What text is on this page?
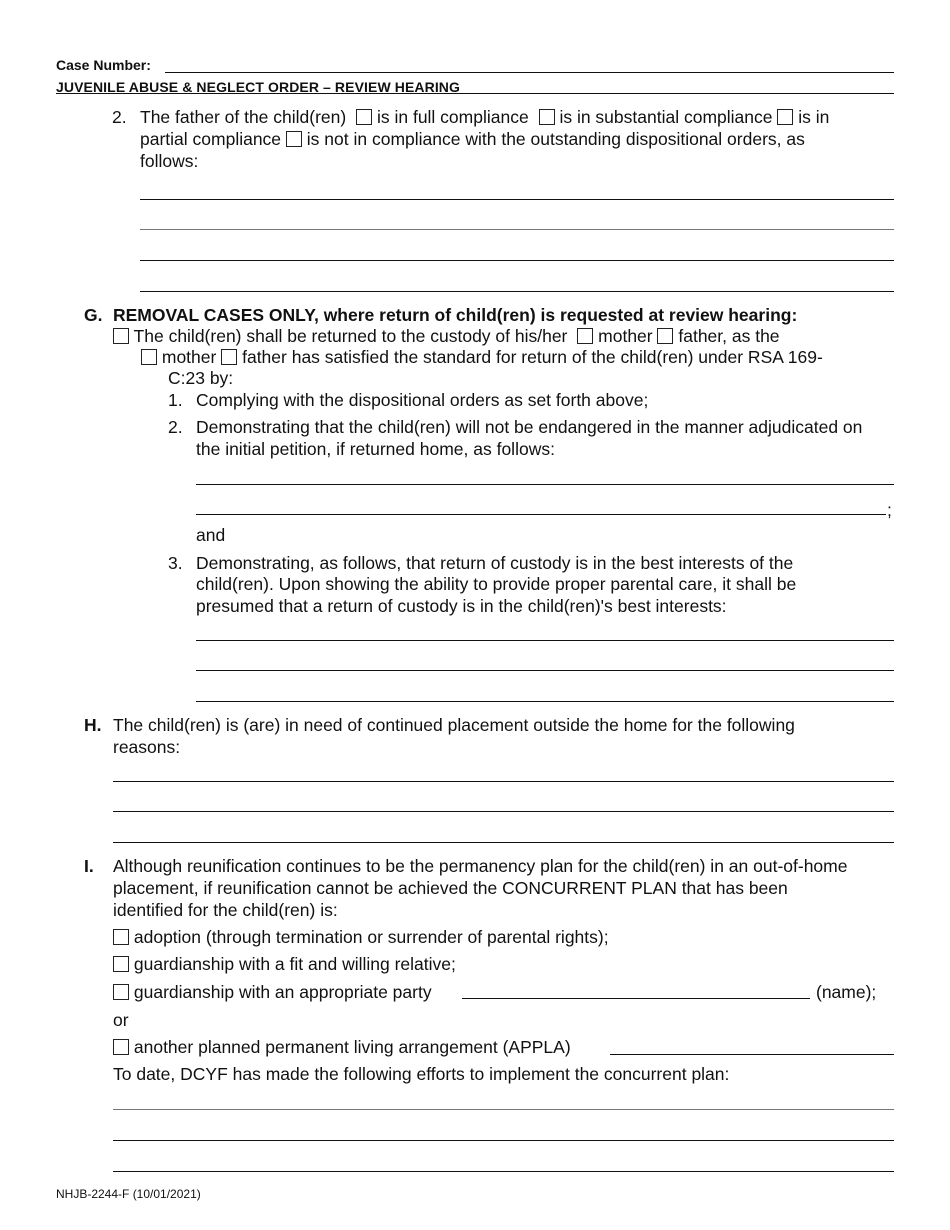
Case Number:
JUVENILE ABUSE & NEGLECT ORDER – REVIEW HEARING
2. The father of the child(ren) is in full compliance is in substantial compliance is in
partial compliance is not in compliance with the outstanding dispositional orders, as
follows:
G. REMOVAL CASES ONLY, where return of child(ren) is requested at review hearing:
The child(ren) shall be returned to the custody of his/her mother father, as the
mother father has satisfied the standard for return of the child(ren) under RSA 169-
C:23 by:
1. Complying with the dispositional orders as set forth above;
2. Demonstrating that the child(ren) will not be endangered in the manner adjudicated on
the initial petition, if returned home, as follows:
;
and
3. Demonstrating, as follows, that return of custody is in the best interests of the
child(ren). Upon showing the ability to provide proper parental care, it shall be
presumed that a return of custody is in the child(ren)'s best interests:
H. The child(ren) is (are) in need of continued placement outside the home for the following
reasons:
I. Although reunification continues to be the permanency plan for the child(ren) in an out-of-home
placement, if reunification cannot be achieved the CONCURRENT PLAN that has been
identified for the child(ren) is:
adoption (through termination or surrender of parental rights);
guardianship with a fit and willing relative;
guardianship with an appropriate party	(name);
or
another planned permanent living arrangement (APPLA)
To date, DCYF has made the following efforts to implement the concurrent plan:
NHJB-2244-F (10/01/2021)
